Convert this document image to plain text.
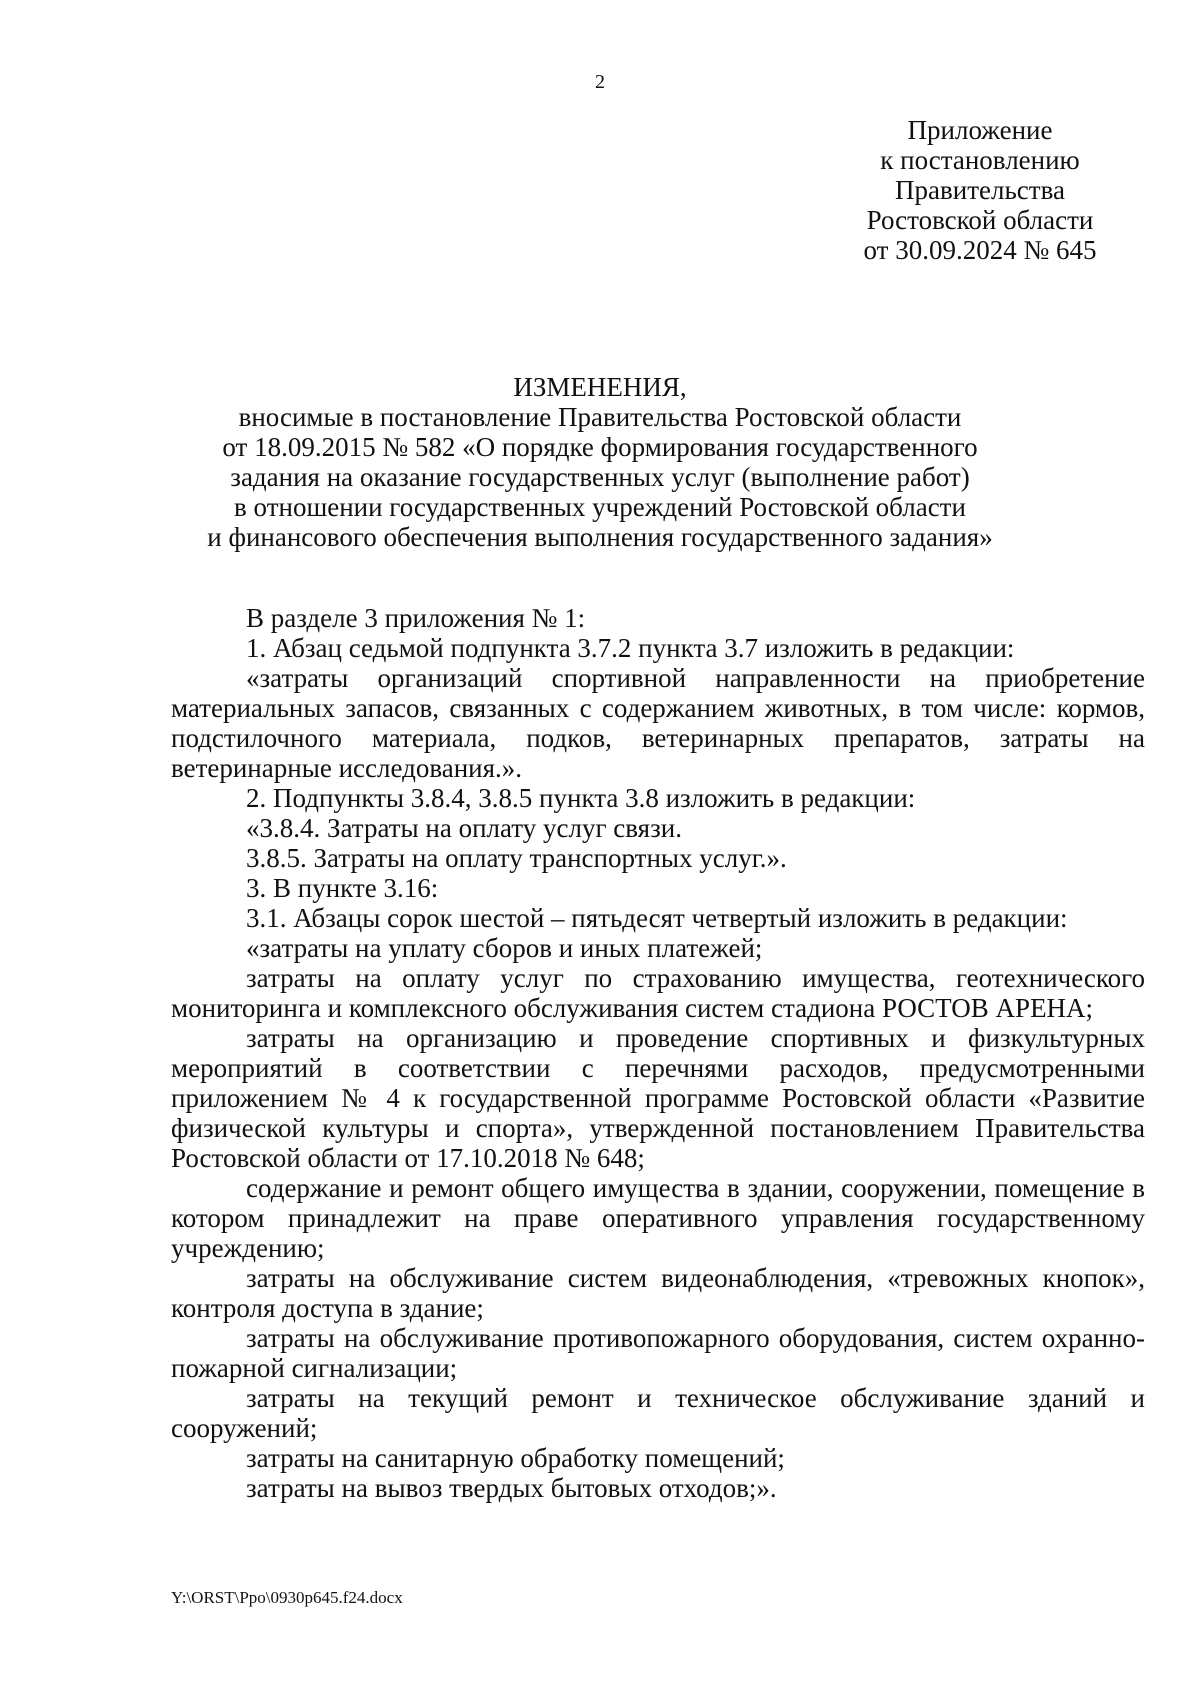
2
Приложение
к постановлению
Правительства
Ростовской области
от 30.09.2024 № 645
ИЗМЕНЕНИЯ,
вносимые в постановление Правительства Ростовской области
от 18.09.2015 № 582 «О порядке формирования государственного
задания на оказание государственных услуг (выполнение работ)
в отношении государственных учреждений Ростовской области
и финансового обеспечения выполнения государственного задания»

В разделе 3 приложения № 1:

1. Абзац седьмой подпункта 3.7.2 пункта 3.7 изложить в редакции:

«затраты организаций спортивной направленности на приобретение материальных запасов, связанных с содержанием животных, в том числе: кормов, подстилочного материала, подков, ветеринарных препаратов, затраты на ветеринарные исследования.».

2. Подпункты 3.8.4, 3.8.5 пункта 3.8 изложить в редакции:

«3.8.4. Затраты на оплату услуг связи.

3.8.5. Затраты на оплату транспортных услуг.».

3. В пункте 3.16:

3.1. Абзацы сорок шестой – пятьдесят четвертый изложить в редакции:

«затраты на уплату сборов и иных платежей;

затраты на оплату услуг по страхованию имущества, геотехнического мониторинга и комплексного обслуживания систем стадиона РОСТОВ АРЕНА;

затраты на организацию и проведение спортивных и физкультурных мероприятий в соответствии с перечнями расходов, предусмотренными приложением № 4 к государственной программе Ростовской области «Развитие физической культуры и спорта», утвержденной постановлением Правительства Ростовской области от 17.10.2018 № 648;

содержание и ремонт общего имущества в здании, сооружении, помещение в котором принадлежит на праве оперативного управления государственному учреждению;

затраты на обслуживание систем видеонаблюдения, «тревожных кнопок», контроля доступа в здание;

затраты на обслуживание противопожарного оборудования, систем охранно-пожарной сигнализации;

затраты на текущий ремонт и техническое обслуживание зданий и сооружений;

затраты на санитарную обработку помещений;

затраты на вывоз твердых бытовых отходов;».

Y:\ORST\Ppo\0930p645.f24.docx
